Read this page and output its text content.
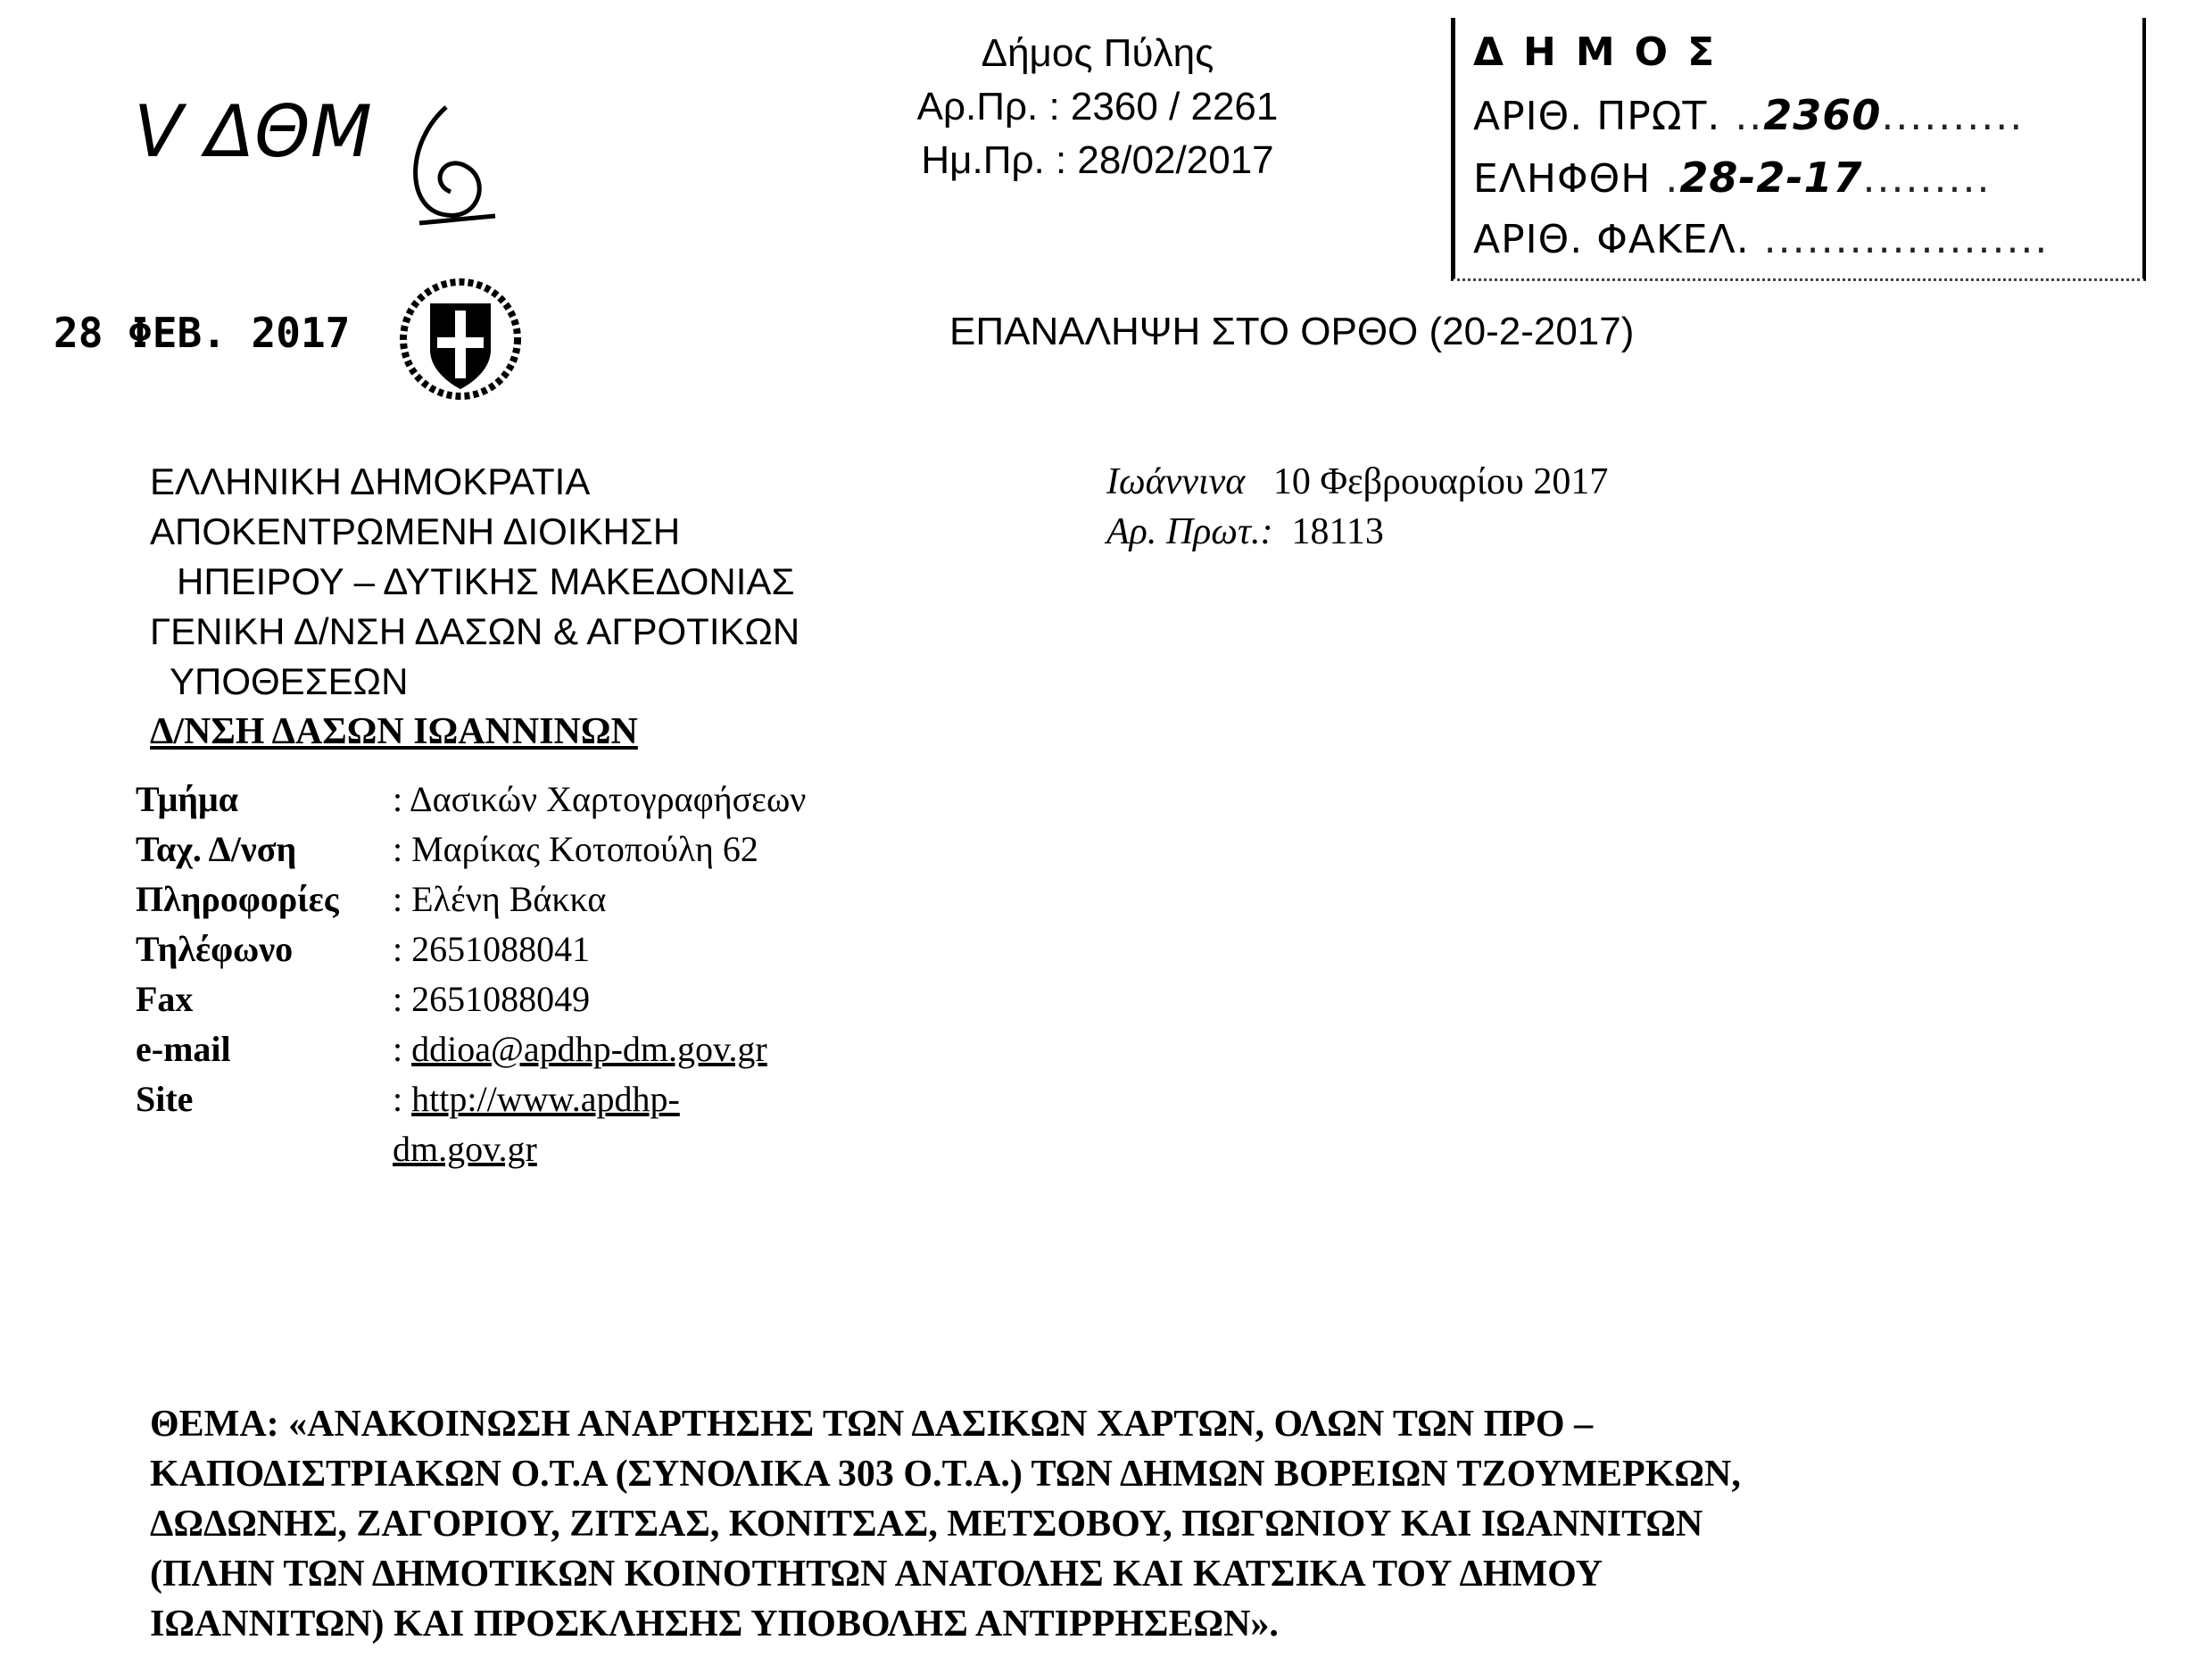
Δήμος Πύλης
Αρ.Πρ. : 2360 / 2261
Ημ.Πρ. : 28/02/2017
ΔΗΜΟΣ
ΑΡΙΘ. ΠΡΩΤ. ..2360..........
ΕΛΗΦΘΗ .28-2-17.........
ΑΡΙΘ. ΦΑΚΕΛ. ....................
ΕΠΑΝΑΛΗΨΗ ΣΤΟ ΟΡΘΟ (20-2-2017)
V ΔΘΜ
28 ΦΕΒ. 2017
ΕΛΛΗΝΙΚΗ ΔΗΜΟΚΡΑΤΙΑ
ΑΠΟΚΕΝΤΡΩΜΕΝΗ ΔΙΟΙΚΗΣΗ
ΗΠΕΙΡΟΥ – ΔΥΤΙΚΗΣ ΜΑΚΕΔΟΝΙΑΣ
ΓΕΝΙΚΗ Δ/ΝΣΗ ΔΑΣΩΝ & ΑΓΡΟΤΙΚΩΝ
ΥΠΟΘΕΣΕΩΝ
Δ/ΝΣΗ ΔΑΣΩΝ ΙΩΑΝΝΙΝΩΝ
Ιωάννινα 10 Φεβρουαρίου 2017
Αρ. Πρωτ.: 18113
Τμήμα	: Δασικών Χαρτογραφήσεων
Ταχ. Δ/νση	: Μαρίκας Κοτοπούλη 62
Πληροφορίες	: Ελένη Βάκκα
Τηλέφωνο	: 2651088041
Fax	: 2651088049
e-mail	: ddioa@apdhp-dm.gov.gr
Site	: http://www.apdhp-
dm.gov.gr
ΘΕΜΑ: «ΑΝΑΚΟΙΝΩΣΗ ΑΝΑΡΤΗΣΗΣ ΤΩΝ ΔΑΣΙΚΩΝ ΧΑΡΤΩΝ, ΟΛΩΝ ΤΩΝ ΠΡΟ –
ΚΑΠΟΔΙΣΤΡΙΑΚΩΝ Ο.Τ.Α (ΣΥΝΟΛΙΚΑ 303 Ο.Τ.Α.) ΤΩΝ ΔΗΜΩΝ ΒΟΡΕΙΩΝ ΤΖΟΥΜΕΡΚΩΝ,
ΔΩΔΩΝΗΣ, ΖΑΓΟΡΙΟΥ, ΖΙΤΣΑΣ, ΚΟΝΙΤΣΑΣ, ΜΕΤΣΟΒΟΥ, ΠΩΓΩΝΙΟΥ ΚΑΙ ΙΩΑΝΝΙΤΩΝ
(ΠΛΗΝ ΤΩΝ ΔΗΜΟΤΙΚΩΝ ΚΟΙΝΟΤΗΤΩΝ ΑΝΑΤΟΛΗΣ ΚΑΙ ΚΑΤΣΙΚΑ ΤΟΥ ΔΗΜΟΥ
ΙΩΑΝΝΙΤΩΝ) ΚΑΙ ΠΡΟΣΚΛΗΣΗΣ ΥΠΟΒΟΛΗΣ ΑΝΤΙΡΡΗΣΕΩΝ».
